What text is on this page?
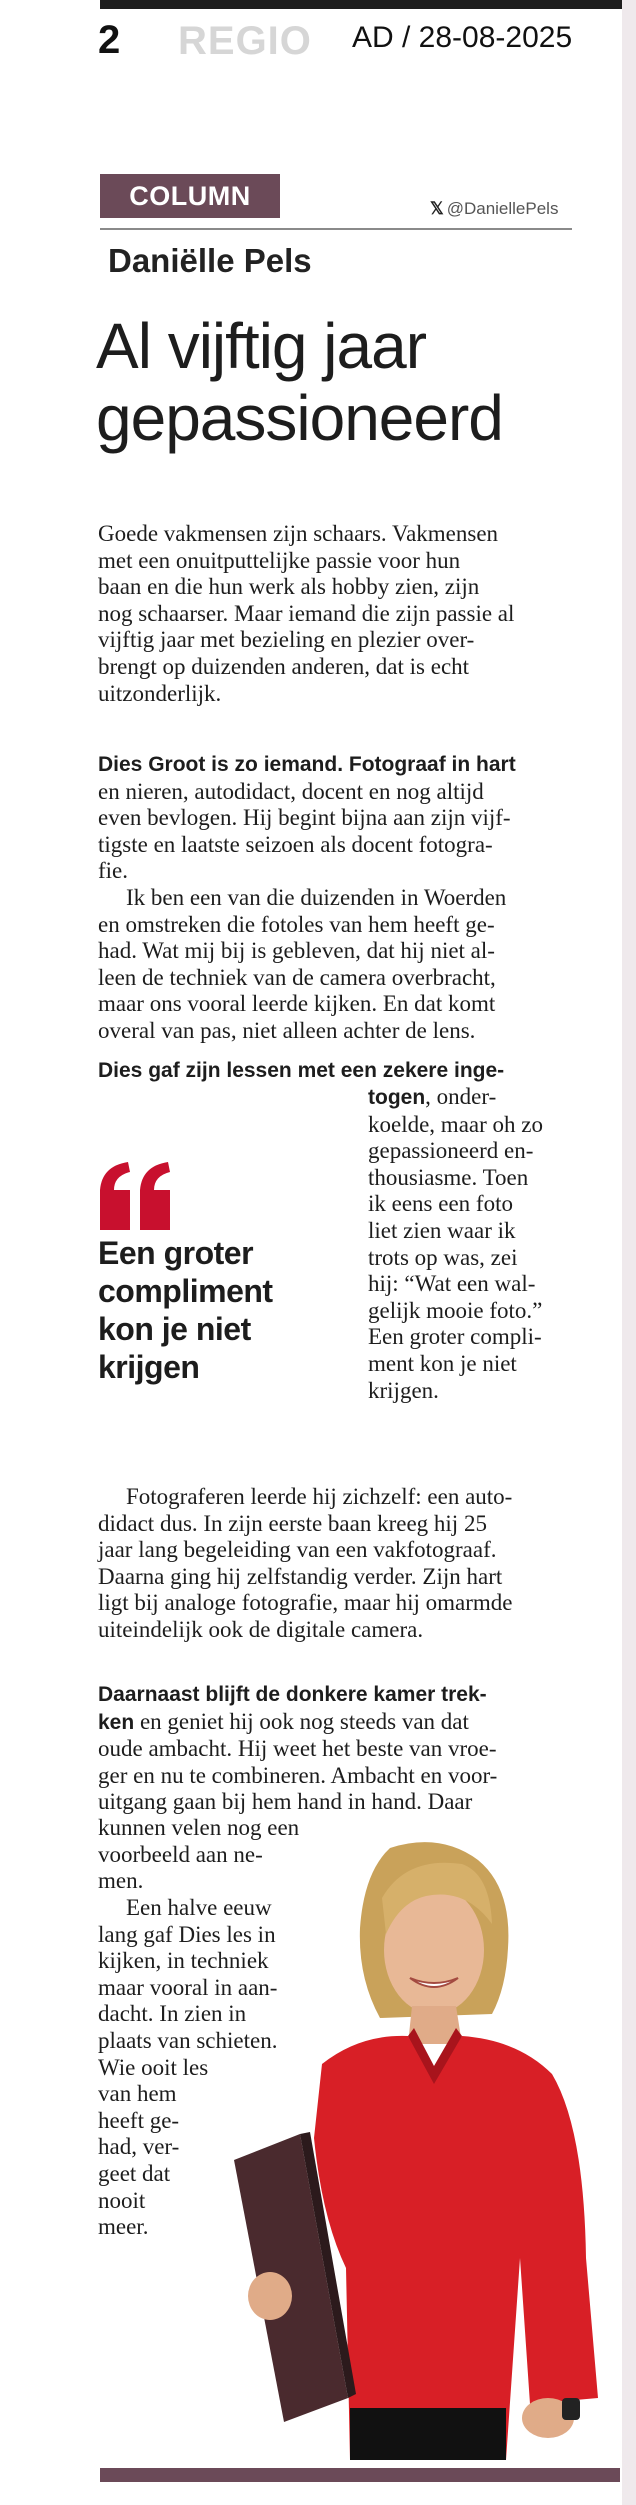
2 REGIO AD / 28-08-2025
COLUMN	𝕏 @DaniellePels
Daniëlle Pels
Al vijftig jaar
gepassioneerd
Goede vakmensen zijn schaars. Vakmensen
met een onuitputtelijke passie voor hun
baan en die hun werk als hobby zien, zijn
nog schaarser. Maar iemand die zijn passie al
vijftig jaar met bezieling en plezier over-
brengt op duizenden anderen, dat is echt
uitzonderlijk.
Dies Groot is zo iemand. Fotograaf in hart
en nieren, autodidact, docent en nog altijd
even bevlogen. Hij begint bijna aan zijn vijf-
tigste en laatste seizoen als docent fotogra-
fie.
Ik ben een van die duizenden in Woerden
en omstreken die fotoles van hem heeft ge-
had. Wat mij bij is gebleven, dat hij niet al-
leen de techniek van de camera overbracht,
maar ons vooral leerde kijken. En dat komt
overal van pas, niet alleen achter de lens.
Dies gaf zijn lessen met een zekere inge-
togen, onder-
koelde, maar oh zo
gepassioneerd en-
thousiasme. Toen
ik eens een foto
liet zien waar ik
trots op was, zei
hij: “Wat een wal-
gelijk mooie foto.”
Een groter compli-
ment kon je niet
krijgen.
Een groter
compliment
kon je niet
krijgen
Fotograferen leerde hij zichzelf: een auto-
didact dus. In zijn eerste baan kreeg hij 25
jaar lang begeleiding van een vakfotograaf.
Daarna ging hij zelfstandig verder. Zijn hart
ligt bij analoge fotografie, maar hij omarmde
uiteindelijk ook de digitale camera.
Daarnaast blijft de donkere kamer trek-
ken en geniet hij ook nog steeds van dat
oude ambacht. Hij weet het beste van vroe-
ger en nu te combineren. Ambacht en voor-
uitgang gaan bij hem hand in hand. Daar
kunnen velen nog een
voorbeeld aan ne-
men.
Een halve eeuw
lang gaf Dies les in
kijken, in techniek
maar vooral in aan-
dacht. In zien in
plaats van schieten.
Wie ooit les
van hem
heeft ge-
had, ver-
geet dat
nooit
meer.
